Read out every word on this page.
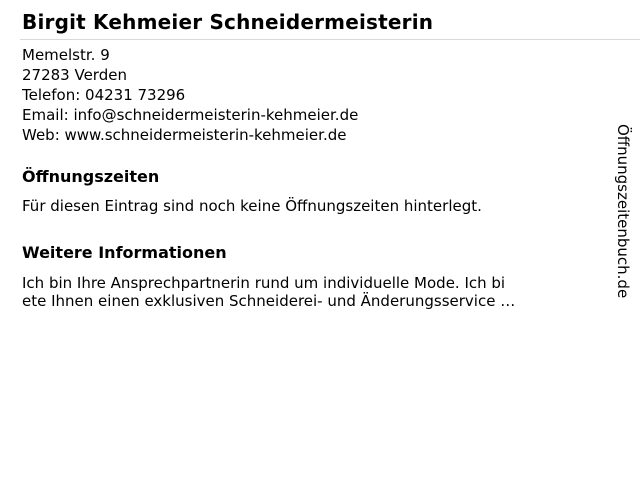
Birgit Kehmeier Schneidermeisterin
Memelstr. 9
27283 Verden
Telefon: 04231 73296
Email: info@schneidermeisterin-kehmeier.de
Web: www.schneidermeisterin-kehmeier.de
Öffnungszeiten

Für diesen Eintrag sind noch keine Öffnungszeiten hinterlegt.

Weitere Informationen

Ich bin Ihre Ansprechpartnerin rund um individuelle Mode. Ich bi
ete Ihnen einen exklusiven Schneiderei- und Änderungsservice …

Öffnungszeitenbuch.de
